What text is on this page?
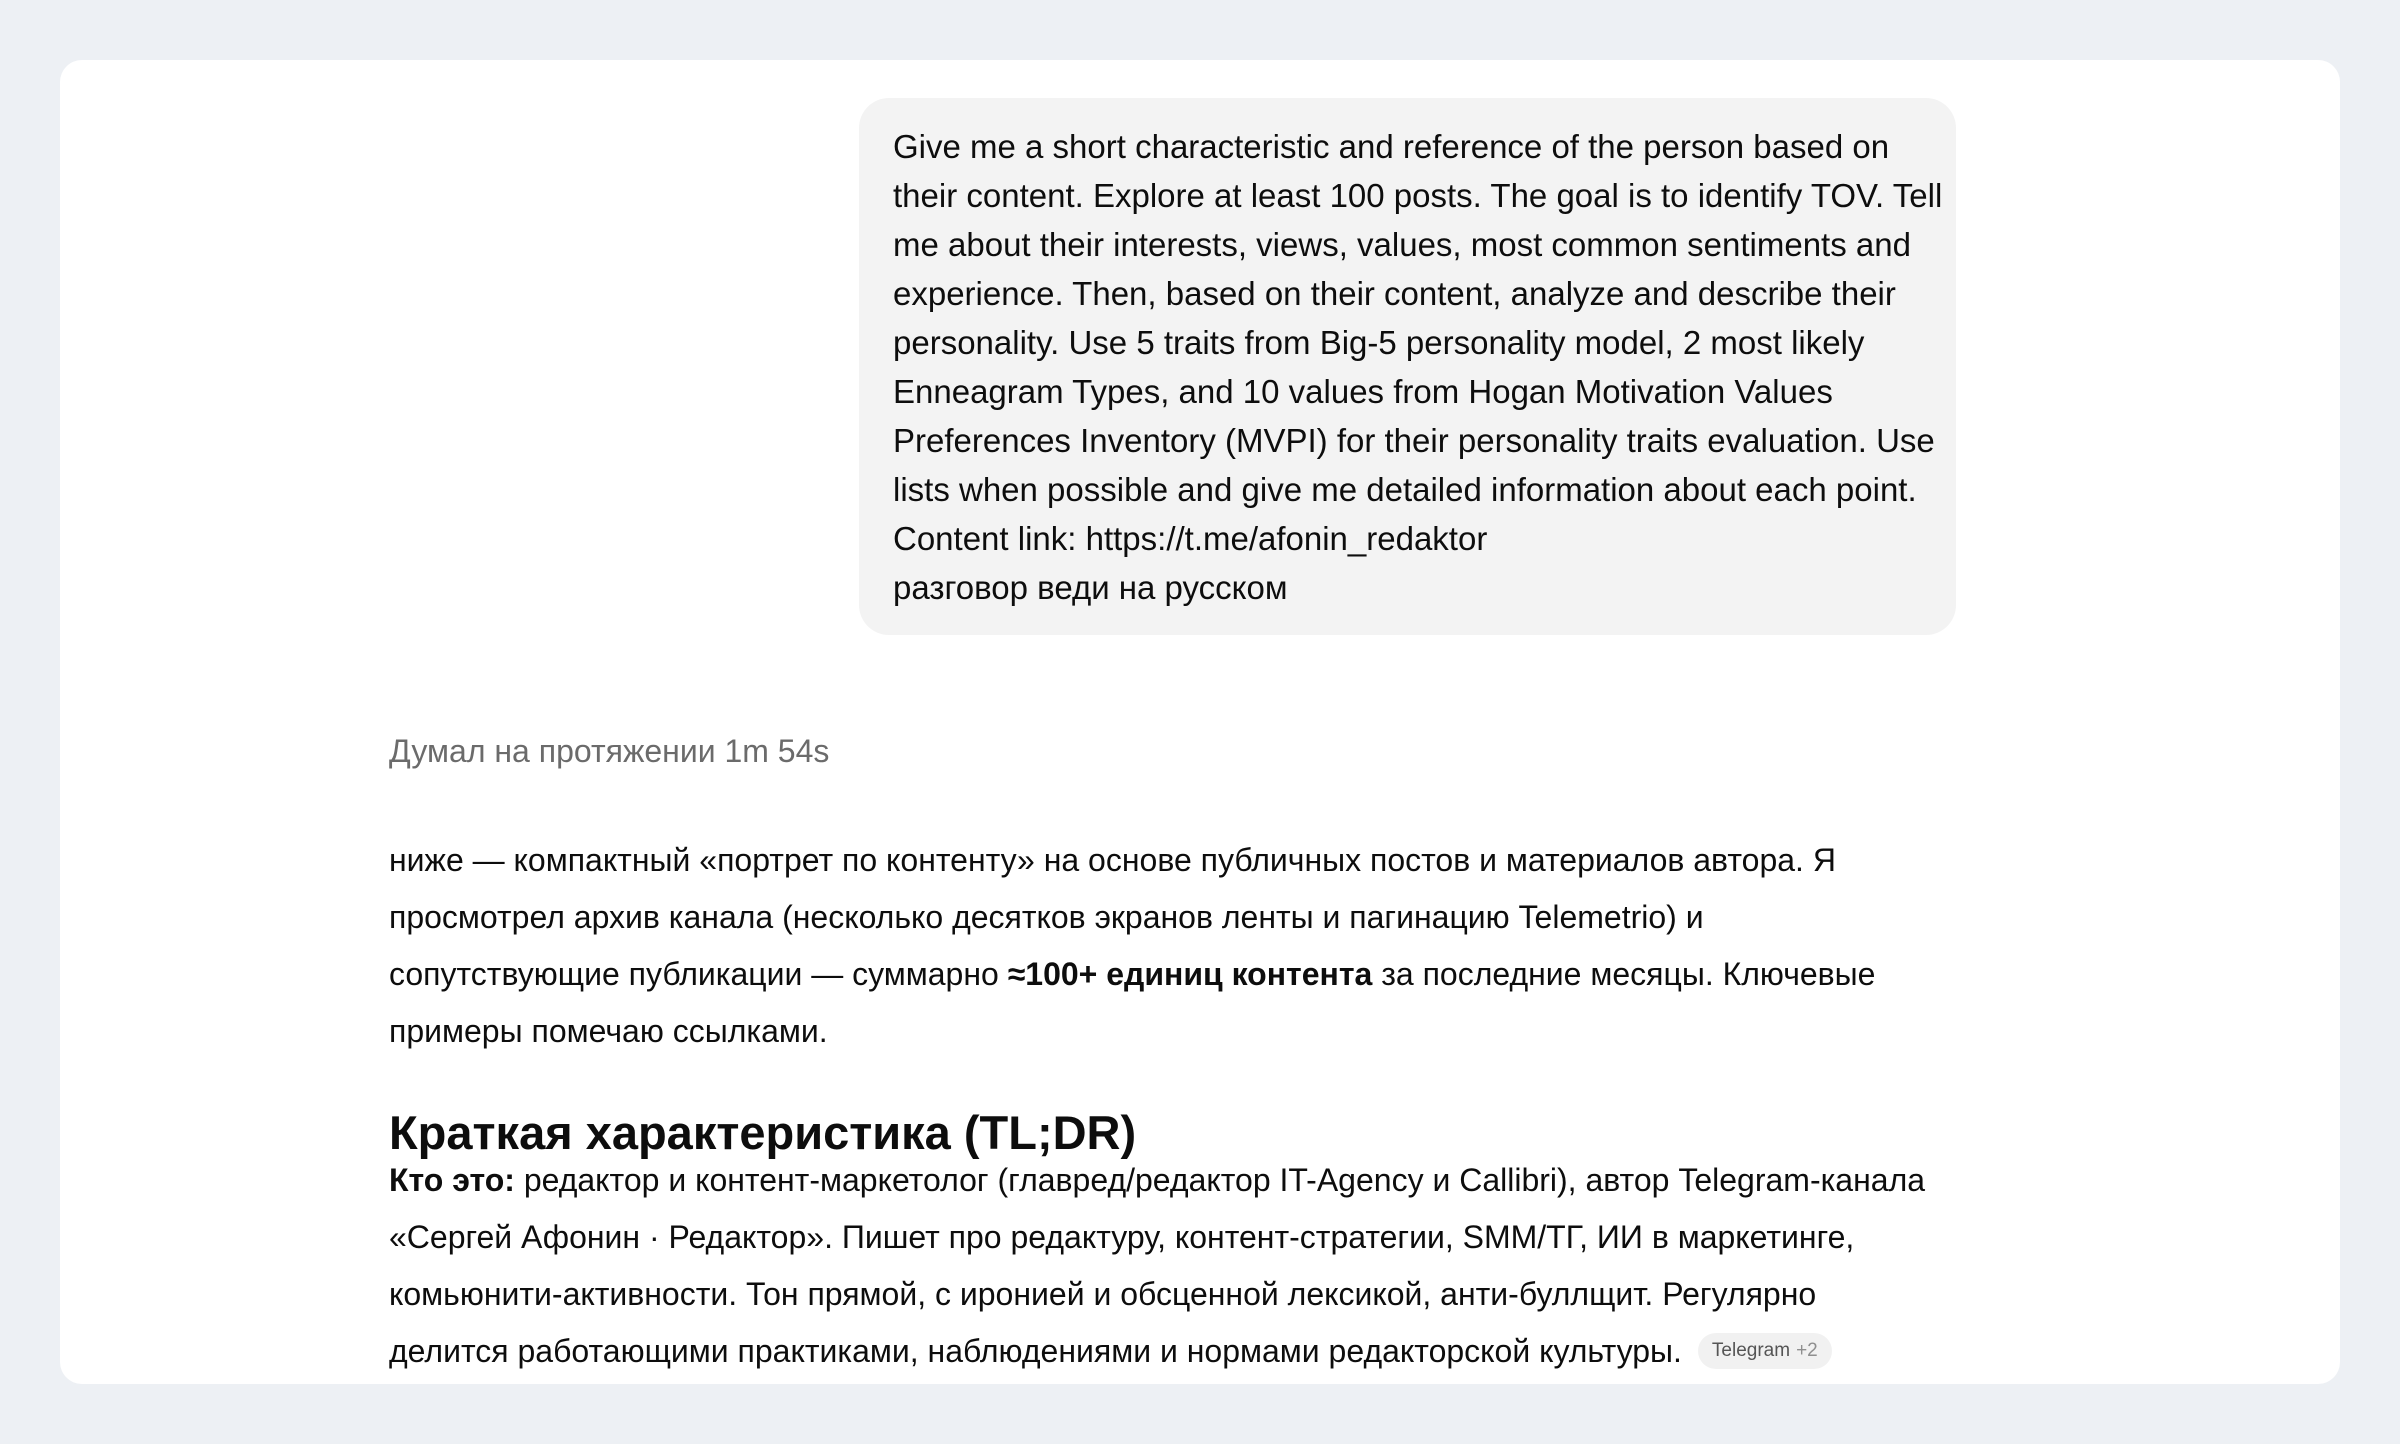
Give me a short characteristic and reference of the person based on
their content. Explore at least 100 posts. The goal is to identify TOV. Tell
me about their interests, views, values, most common sentiments and
experience. Then, based on their content, analyze and describe their
personality. Use 5 traits from Big-5 personality model, 2 most likely
Enneagram Types, and 10 values from Hogan Motivation Values
Preferences Inventory (MVPI) for their personality traits evaluation. Use
lists when possible and give me detailed information about each point.
Content link: https://t.me/afonin_redaktor
разговор веди на русском
Думал на протяжении 1m 54s
ниже — компактный «портрет по контенту» на основе публичных постов и материалов автора. Я
просмотрел архив канала (несколько десятков экранов ленты и пагинацию Telemetrio) и
сопутствующие публикации — суммарно ≈100+ единиц контента за последние месяцы. Ключевые
примеры помечаю ссылками.
Краткая характеристика (TL;DR)
Кто это: редактор и контент-маркетолог (главред/редактор IT-Agency и Callibri), автор Telegram-канала
«Сергей Афонин · Редактор». Пишет про редактуру, контент-стратегии, SMM/ТГ, ИИ в маркетинге,
комьюнити-активности. Тон прямой, с иронией и обсценной лексикой, анти-буллщит. Регулярно
делится работающими практиками, наблюдениями и нормами редакторской культуры. Telegram +2
